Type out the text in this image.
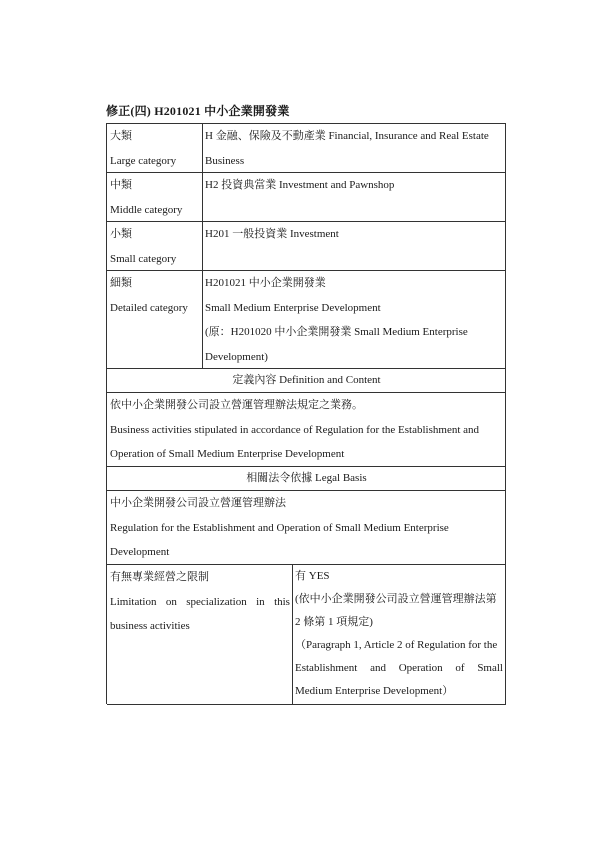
修正(四) H201021 中小企業開發業
大類
Large category
H 金融、保險及不動產業 Financial, Insurance and Real Estate
Business
中類
Middle category
H2 投資典當業 Investment and Pawnshop
小類
Small category
H201 一般投資業 Investment
細類
Detailed category
H201021 中小企業開發業
Small Medium Enterprise Development
(原：H201020 中小企業開發業 Small Medium Enterprise
Development)
定義內容 Definition and Content
依中小企業開發公司設立營運管理辦法規定之業務。
Business activities stipulated in accordance of Regulation for the Establishment and
Operation of Small Medium Enterprise Development
相關法令依據 Legal Basis
中小企業開發公司設立營運管理辦法
Regulation for the Establishment and Operation of Small Medium Enterprise
Development
有無專業經營之限制
Limitation on specialization in this
business activities
有 YES
(依中小企業開發公司設立營運管理辦法第
2 條第 1 項規定)
（Paragraph 1, Article 2 of Regulation for the
Establishment and Operation of Small
Medium Enterprise Development）
